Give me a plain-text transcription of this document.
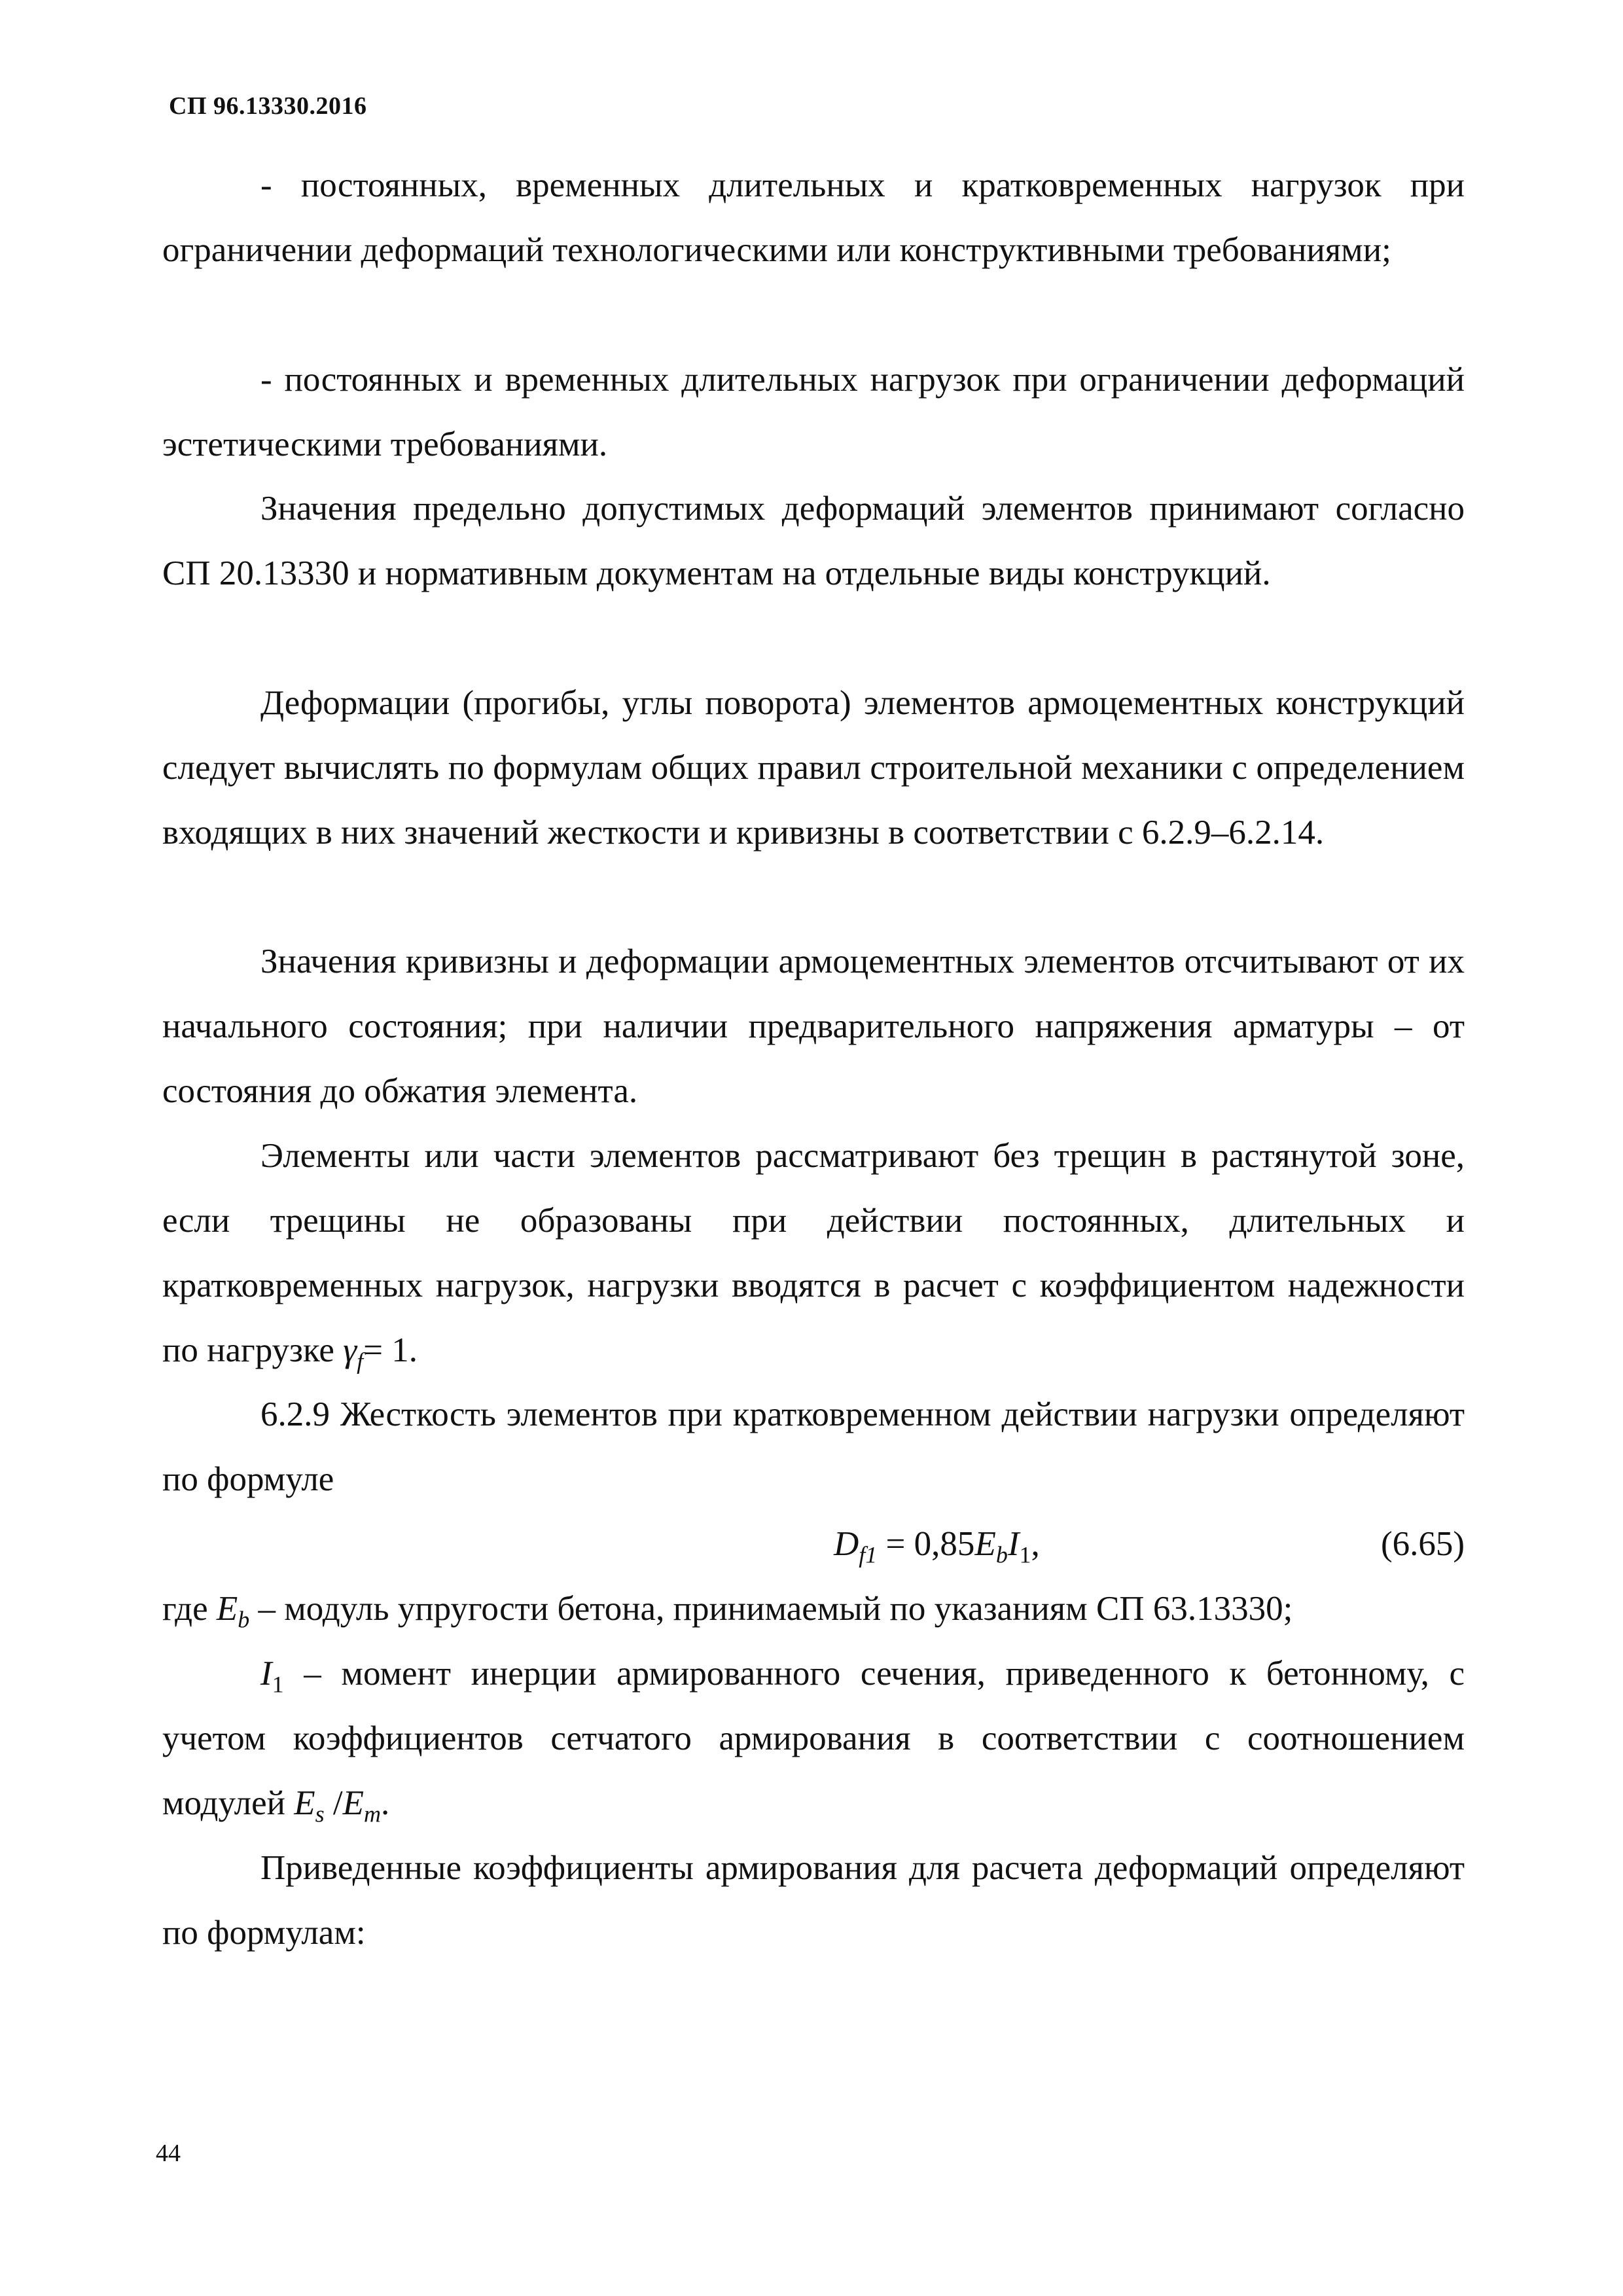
СП 96.13330.2016

- постоянных, временных длительных и кратковременных нагрузок при ограничении деформаций технологическими или конструктивными требованиями;

- постоянных и временных длительных нагрузок при ограничении деформаций эстетическими требованиями.

Значения предельно допустимых деформаций элементов принимают согласно СП 20.13330 и нормативным документам на отдельные виды конструкций.

Деформации (прогибы, углы поворота) элементов армоцементных конструкций следует вычислять по формулам общих правил строительной механики с определением входящих в них значений жесткости и кривизны в соответствии с 6.2.9–6.2.14.

Значения кривизны и деформации армоцементных элементов отсчитывают от их начального состояния; при наличии предварительного напряжения арматуры – от состояния до обжатия элемента.

Элементы или части элементов рассматривают без трещин в растянутой зоне, если трещины не образованы при действии постоянных, длительных и кратковременных нагрузок, нагрузки вводятся в расчет с коэффициентом надежности по нагрузке $\gamma_f= 1$.

6.2.9 Жесткость элементов при кратковременном действии нагрузки определяют по формуле

$D_{f1} = 0,85E_bI_1$,	(6.65)

где $E_b$ – модуль упругости бетона, принимаемый по указаниям СП 63.13330;

$I_1$ – момент инерции армированного сечения, приведенного к бетонному, с учетом коэффициентов сетчатого армирования в соответствии с соотношением модулей $E_s$ $/E_m$.

Приведенные коэффициенты армирования для расчета деформаций определяют по формулам:

44
